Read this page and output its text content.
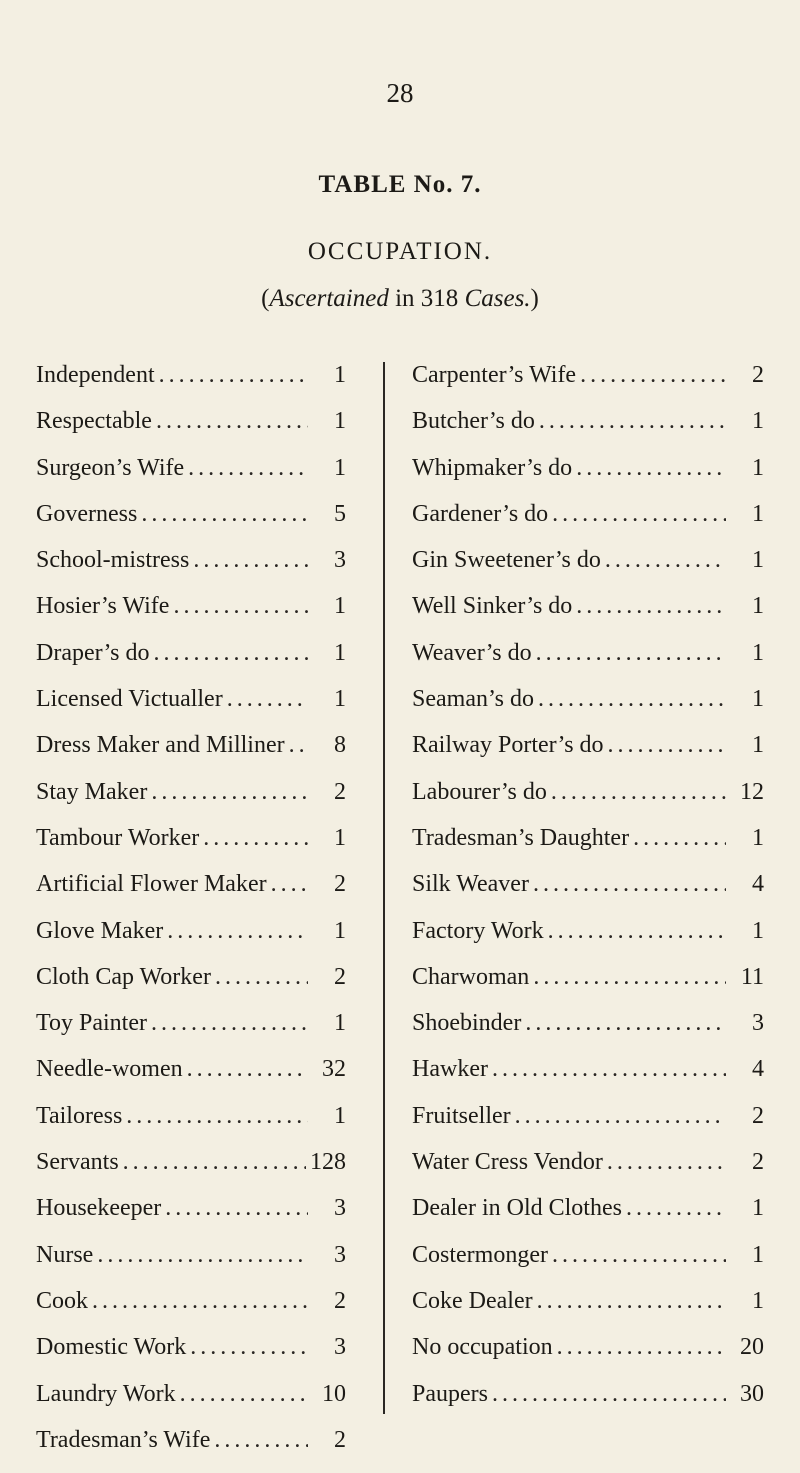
28
TABLE No. 7.
OCCUPATION.
(Ascertained in 318 Cases.)
Independent . . .	1
Respectable . . .	1
Surgeon’s Wife . . .	1
Governess . . .	5
School-mistress . . .	3
Hosier’s Wife . . .	1
Draper’s do . . .	1
Licensed Victualler . . .	1
Dress Maker and Milliner . . .	8
Stay Maker . . .	2
Tambour Worker . . .	1
Artificial Flower Maker . . .	2
Glove Maker . . .	1
Cloth Cap Worker . . .	2
Toy Painter . . .	1
Needle-women . . .	32
Tailoress . . .	1
Servants . . .	128
Housekeeper . . .	3
Nurse . . .	3
Cook . . .	2
Domestic Work . . .	3
Laundry Work . . .	10
Tradesman’s Wife . . .	2
Carpenter’s Wife . . .	2
Butcher’s do . . .	1
Whipmaker’s do . . .	1
Gardener’s do . . .	1
Gin Sweetener’s do . . .	1
Well Sinker’s do . . .	1
Weaver’s do . . .	1
Seaman’s do . . .	1
Railway Porter’s do . . .	1
Labourer’s do . . .	12
Tradesman’s Daughter . . .	1
Silk Weaver . . .	4
Factory Work . . .	1
Charwoman . . .	11
Shoebinder . . .	3
Hawker . . .	4
Fruitseller . . .	2
Water Cress Vendor . . .	2
Dealer in Old Clothes . . .	1
Costermonger . . .	1
Coke Dealer . . .	1
No occupation . . .	20
Paupers . . .	30
